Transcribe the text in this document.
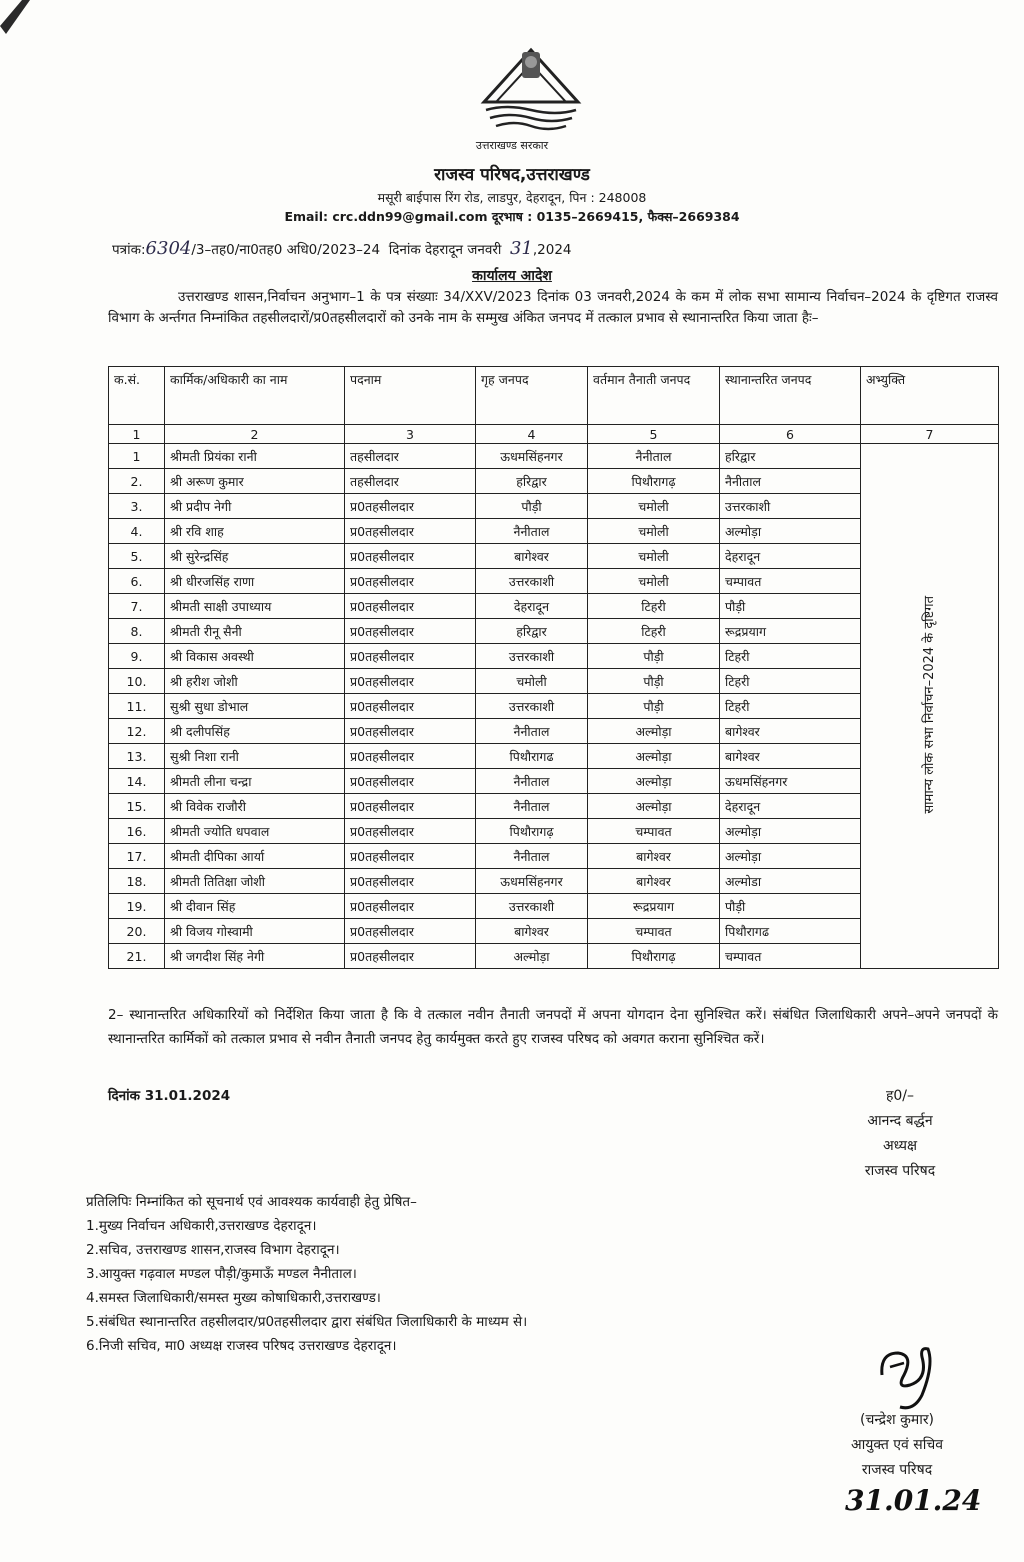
उत्तराखण्ड सरकार
राजस्व परिषद,उत्तराखण्ड
मसूरी बाईपास रिंग रोड, लाडपुर, देहरादून, पिन : 248008
Email: crc.ddn99@gmail.com दूरभाष : 0135–2669415, फैक्स–2669384
पत्रांक:6304/3–तह0/ना0तह0 अधि0/2023–24 दिनांक देहरादून जनवरी 31,2024
कार्यालय आदेश
उत्तराखण्ड शासन,निर्वाचन अनुभाग–1 के पत्र संख्याः 34/XXV/2023 दिनांक 03 जनवरी,2024 के कम में लोक सभा सामान्य निर्वाचन–2024 के दृष्टिगत राजस्व विभाग के अर्न्तगत निम्नांकित तहसीलदारों/प्र0तहसीलदारों को उनके नाम के सम्मुख अंकित जनपद में तत्काल प्रभाव से स्थानान्तरित किया जाता हैः–
क.सं.	कार्मिक/अधिकारी का नाम	पदनाम	गृह जनपद	वर्तमान तैनाती जनपद	स्थानान्तरित जनपद	अभ्युक्ति
1	2	3	4	5	6	7
1	श्रीमती प्रियंका रानी	तहसीलदार	ऊधमसिंहनगर	नैनीताल	हरिद्वार	सामान्य लोक सभा निर्वाचन–2024 के दृष्टिगत
2.	श्री अरूण कुमार	तहसीलदार	हरिद्वार	पिथौरागढ़	नैनीताल	
3.	श्री प्रदीप नेगी	प्र0तहसीलदार	पौड़ी	चमोली	उत्तरकाशी	
4.	श्री रवि शाह	प्र0तहसीलदार	नैनीताल	चमोली	अल्मोड़ा	
5.	श्री सुरेन्द्रसिंह	प्र0तहसीलदार	बागेश्वर	चमोली	देहरादून	
6.	श्री धीरजसिंह राणा	प्र0तहसीलदार	उत्तरकाशी	चमोली	चम्पावत	
7.	श्रीमती साक्षी उपाध्याय	प्र0तहसीलदार	देहरादून	टिहरी	पौड़ी	
8.	श्रीमती रीनू सैनी	प्र0तहसीलदार	हरिद्वार	टिहरी	रूद्रप्रयाग	
9.	श्री विकास अवस्थी	प्र0तहसीलदार	उत्तरकाशी	पौड़ी	टिहरी	
10.	श्री हरीश जोशी	प्र0तहसीलदार	चमोली	पौड़ी	टिहरी	
11.	सुश्री सुधा डोभाल	प्र0तहसीलदार	उत्तरकाशी	पौड़ी	टिहरी	
12.	श्री दलीपसिंह	प्र0तहसीलदार	नैनीताल	अल्मोड़ा	बागेश्वर	
13.	सुश्री निशा रानी	प्र0तहसीलदार	पिथौरागढ	अल्मोड़ा	बागेश्वर	
14.	श्रीमती लीना चन्द्रा	प्र0तहसीलदार	नैनीताल	अल्मोड़ा	ऊधमसिंहनगर	
15.	श्री विवेक राजौरी	प्र0तहसीलदार	नैनीताल	अल्मोड़ा	देहरादून	
16.	श्रीमती ज्योति धपवाल	प्र0तहसीलदार	पिथौरागढ़	चम्पावत	अल्मोड़ा	
17.	श्रीमती दीपिका आर्या	प्र0तहसीलदार	नैनीताल	बागेश्वर	अल्मोड़ा	
18.	श्रीमती तितिक्षा जोशी	प्र0तहसीलदार	ऊधमसिंहनगर	बागेश्वर	अल्मोडा	
19.	श्री दीवान सिंह	प्र0तहसीलदार	उत्तरकाशी	रूद्रप्रयाग	पौड़ी	
20.	श्री विजय गोस्वामी	प्र0तहसीलदार	बागेश्वर	चम्पावत	पिथौरागढ	
21.	श्री जगदीश सिंह नेगी	प्र0तहसीलदार	अल्मोड़ा	पिथौरागढ़	चम्पावत	
2– स्थानान्तरित अधिकारियों को निर्देशित किया जाता है कि वे तत्काल नवीन तैनाती जनपदों में अपना योगदान देना सुनिश्चित करें। संबंधित जिलाधिकारी अपने–अपने जनपदों के स्थानान्तरित कार्मिकों को तत्काल प्रभाव से नवीन तैनाती जनपद हेतु कार्यमुक्त करते हुए राजस्व परिषद को अवगत कराना सुनिश्चित करें।
दिनांक 31.01.2024	ह0/–
आनन्द बर्द्धन
अध्यक्ष
राजस्व परिषद
प्रतिलिपिः निम्नांकित को सूचनार्थ एवं आवश्यक कार्यवाही हेतु प्रेषित–
1.मुख्य निर्वाचन अधिकारी,उत्तराखण्ड देहरादून।
2.सचिव, उत्तराखण्ड शासन,राजस्व विभाग देहरादून।
3.आयुक्त गढ़वाल मण्डल पौड़ी/कुमाऊँ मण्डल नैनीताल।
4.समस्त जिलाधिकारी/समस्त मुख्य कोषाधिकारी,उत्तराखण्ड।
5.संबंधित स्थानान्तरित तहसीलदार/प्र0तहसीलदार द्वारा संबंधित जिलाधिकारी के माध्यम से।
6.निजी सचिव, मा0 अध्यक्ष राजस्व परिषद उत्तराखण्ड देहरादून।
(चन्द्रेश कुमार)
आयुक्त एवं सचिव
राजस्व परिषद
31.01.24
